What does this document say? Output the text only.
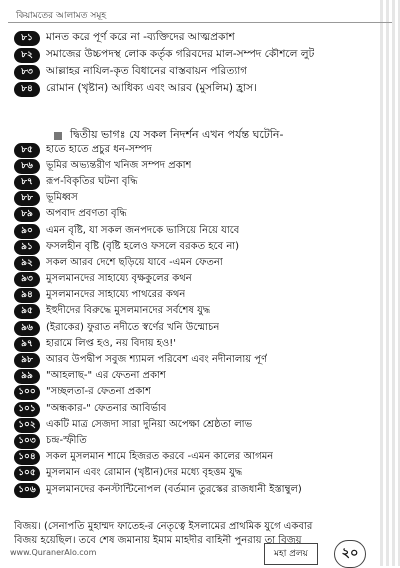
কিয়ামতের আলামত সমূহ
৮১	মানত করে পূর্ণ করে না -ব্যক্তিদের আত্মপ্রকাশ
৮২	সমাজের উচ্চপদস্থ লোক কর্তৃক গরিবদের মাল-সম্পদ কৌশলে লুট
৮৩	আল্লাহর নাযিল-কৃত বিধানের বাস্তবায়ন পরিত্যাগ
৮৪	রোমান (খৃষ্টান) আধিক্য এবং আরব (মুসলিম) হ্রাস।
দ্বিতীয় ভাগঃ যে সকল নিদর্শন এখন পর্যন্ত ঘটেনি-
৮৫	হাতে হাতে প্রচুর ধন-সম্পদ
৮৬	ভূমির অভ্যন্তরীণ খনিজ সম্পদ প্রকাশ
৮৭	রূপ-বিকৃতির ঘটনা বৃদ্ধি
৮৮	ভূমিধ্বস
৮৯	অপবাদ প্রবণতা বৃদ্ধি
৯০	এমন বৃষ্টি, যা সকল জনপদকে ভাসিয়ে নিয়ে যাবে
৯১	ফসলহীন বৃষ্টি (বৃষ্টি হলেও ফসলে বরকত হবে না)
৯২	সকল আরব দেশে ছড়িয়ে যাবে -এমন ফেতনা
৯৩	মুসলমানদের সাহায্যে বৃক্ষকুলের কথন
৯৪	মুসলমানদের সাহায্যে পাথরের কথন
৯৫	ইহুদীদের বিরুদ্ধে মুসলমানদের সর্বশেষ যুদ্ধ
৯৬	(ইরাকের) ফুরাত নদীতে স্বর্ণের খনি উন্মোচন
৯৭	হারামে লিপ্ত হও, নয় বিদায় হও!'
৯৮	আরব উপদ্বীপ সবুজ শ্যামল পরিবেশ এবং নদীনালায় পূর্ণ
৯৯	"আহলাছ-" এর ফেতনা প্রকাশ
১০০	"সচ্ছলতা-র ফেতনা প্রকাশ
১০১	"অন্ধকার-" ফেতনার আবির্ভাব
১০২	একটি মাত্র সেজদা সারা দুনিয়া অপেক্ষা শ্রেষ্ঠতা লাভ
১০৩	চন্দ্র-স্ফীতি
১০৪	সকল মুসলমান শামে হিজরত করবে -এমন কালের আগমন
১০৫	মুসলমান এবং রোমান (খৃষ্টান)দের মধ্যে বৃহত্তম যুদ্ধ
১০৬	মুসলমানদের কনস্টান্টিনোপল (বর্তমান তুরস্কের রাজধানী ইস্তাম্বুল)
বিজয়। (সেনাপতি মুহাম্মদ ফাতেহ-র নেতৃত্বে ইসলামের প্রাথমিক যুগে একবার
বিজয় হয়েছিল। তবে শেষ জমানায় ইমাম মাহদীর বাহিনী পুনরায় তা বিজয়
www.QuranerAlo.com	মহা প্রলয়	২০
